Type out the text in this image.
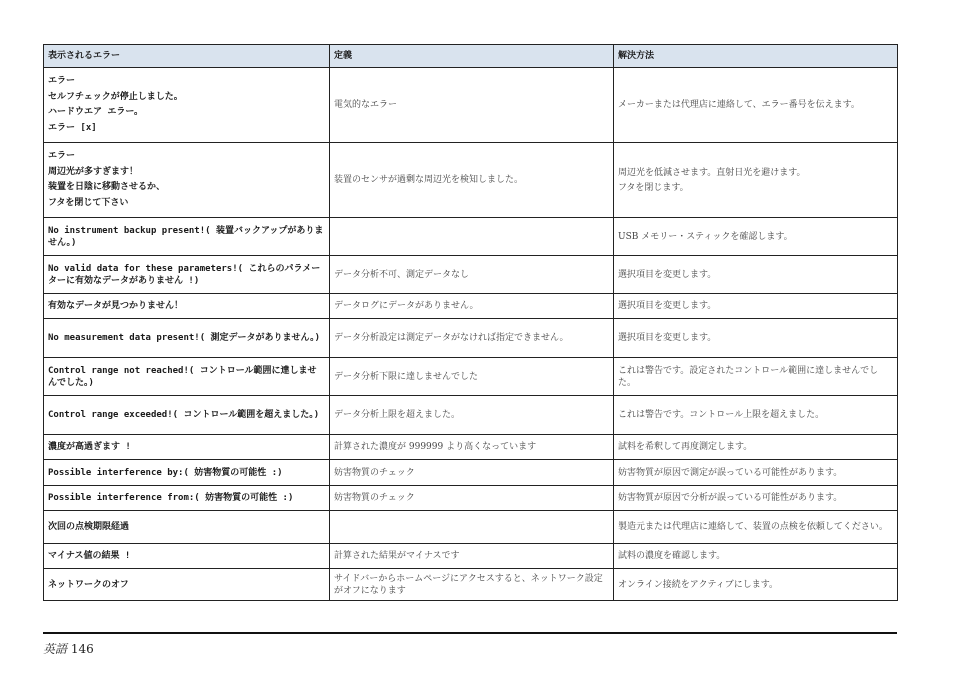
表示されるエラー	定義	解決方法

エラー
セルフチェックが停止しました。
ハードウエア エラー。
エラー [x]	電気的なエラー	メーカーまたは代理店に連絡して、エラー番号を伝えます。

エラー
周辺光が多すぎます！
装置を日陰に移動させるか、
フタを閉じて下さい	装置のセンサが過剰な周辺光を検知しました。	周辺光を低減させます。直射日光を避けます。
フタを閉じます。

No instrument backup present!( 装置バックアップがありません。)		USB メモリー・スティックを確認します。
No valid data for these parameters!( これらのパラメーターに有効なデータがありません !)	データ分析不可、測定データなし	選択項目を変更します。
有効なデータが見つかりません！	データログにデータがありません。	選択項目を変更します。
No measurement data present!( 測定データがありません。)	データ分析設定は測定データがなければ指定できません。	選択項目を変更します。
Control range not reached!( コントロール範囲に達しませんでした。)	データ分析下限に達しませんでした	これは警告です。設定されたコントロール範囲に達しませんでした。
Control range exceeded!( コントロール範囲を超えました。)	データ分析上限を超えました。	これは警告です。コントロール上限を超えました。
濃度が高過ぎます !	計算された濃度が 999999 より高くなっています	試料を希釈して再度測定します。
Possible interference by:( 妨害物質の可能性 :)	妨害物質のチェック	妨害物質が原因で測定が誤っている可能性があります。
Possible interference from:( 妨害物質の可能性 :)	妨害物質のチェック	妨害物質が原因で分析が誤っている可能性があります。
次回の点検期限経過		製造元または代理店に連絡して、装置の点検を依頼してください。
マイナス値の結果 !	計算された結果がマイナスです	試料の濃度を確認します。
ネットワークのオフ	サイドバーからホームページにアクセスすると、ネットワーク設定がオフになります	オンライン接続をアクティブにします。
英語 146
